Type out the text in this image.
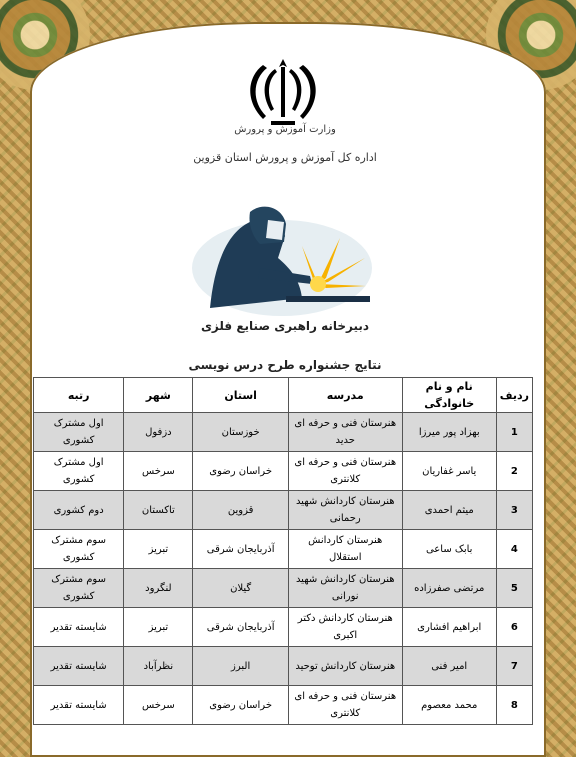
وزارت آموزش و پرورش
اداره کل آموزش و پرورش استان قزوین
دبیرخانه راهبری صنایع فلزی
نتایج جشنواره طرح درس نویسی
ردیف	نام و نام خانوادگی	مدرسه	استان	شهر	رتبه
1	بهزاد پور میرزا	هنرستان فنی و حرفه ای حدید	خوزستان	دزفول	اول مشترک کشوری
2	یاسر غفاریان	هنرستان فنی و حرفه ای کلانتری	خراسان رضوی	سرخس	اول مشترک کشوری
3	میثم احمدی	هنرستان کاردانش شهید رحمانی	قزوین	تاکستان	دوم کشوری
4	بابک ساعی	هنرستان کاردانش استقلال	آذربایجان شرقی	تبریز	سوم مشترک کشوری
5	مرتضی صفرزاده	هنرستان کاردانش شهید نورانی	گیلان	لنگرود	سوم مشترک کشوری
6	ابراهیم افشاری	هنرستان کاردانش دکتر اکبری	آذربایجان شرقی	تبریز	شایسته تقدیر
7	امیر فنی	هنرستان کاردانش توحید	البرز	نظرآباد	شایسته تقدیر
8	محمد معصوم	هنرستان فنی و حرفه ای کلانتری	خراسان رضوی	سرخس	شایسته تقدیر
